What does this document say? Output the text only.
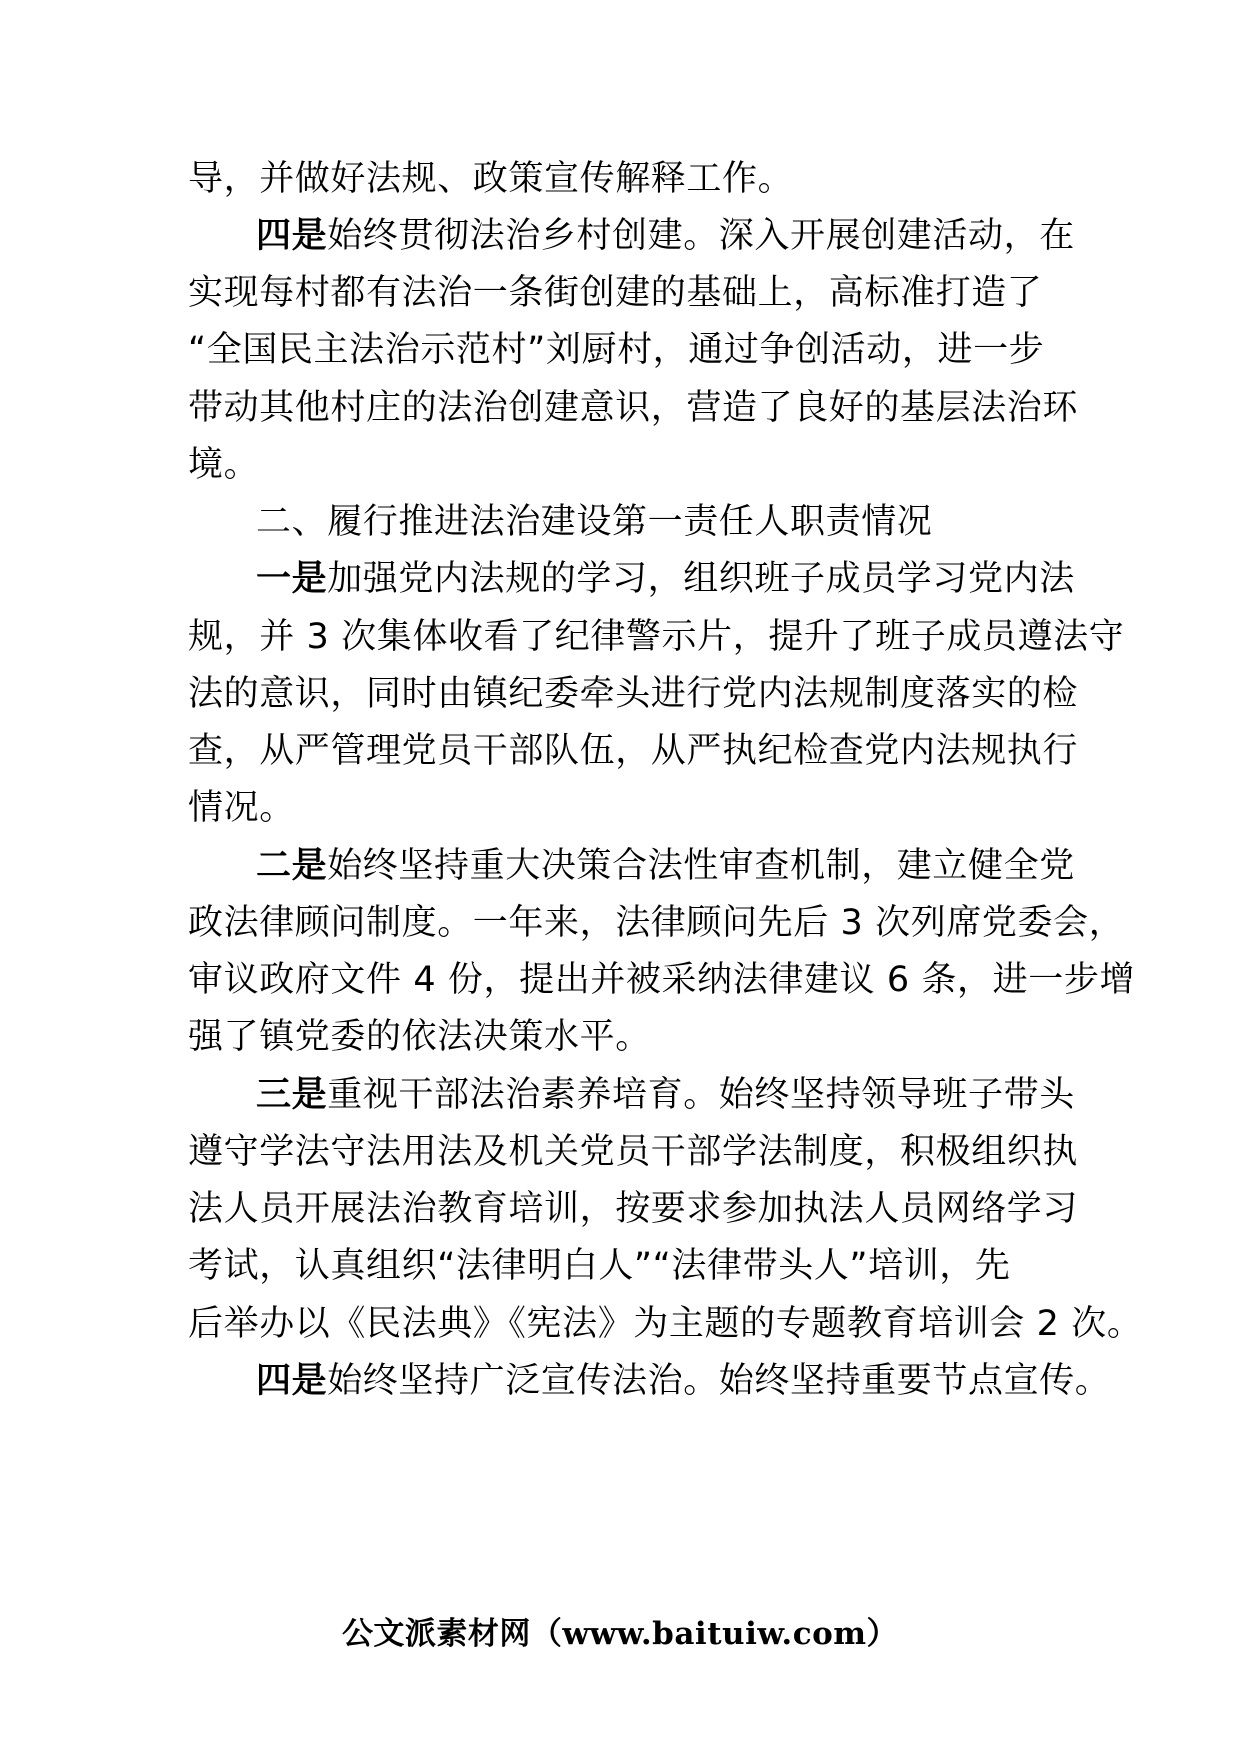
导，并做好法规、政策宣传解释工作。
四是始终贯彻法治乡村创建。深入开展创建活动，在
实现每村都有法治一条街创建的基础上，高标准打造了
“全国民主法治示范村”刘厨村，通过争创活动，进一步
带动其他村庄的法治创建意识，营造了良好的基层法治环
境。
二、履行推进法治建设第一责任人职责情况
一是加强党内法规的学习，组织班子成员学习党内法
规，并 3 次集体收看了纪律警示片，提升了班子成员遵法守
法的意识，同时由镇纪委牵头进行党内法规制度落实的检
查，从严管理党员干部队伍，从严执纪检查党内法规执行
情况。
二是始终坚持重大决策合法性审查机制，建立健全党
政法律顾问制度。一年来，法律顾问先后 3 次列席党委会，
审议政府文件 4 份，提出并被采纳法律建议 6 条，进一步增
强了镇党委的依法决策水平。
三是重视干部法治素养培育。始终坚持领导班子带头
遵守学法守法用法及机关党员干部学法制度，积极组织执
法人员开展法治教育培训，按要求参加执法人员网络学习
考试，认真组织“法律明白人”“法律带头人”培训，先
后举办以《民法典》《宪法》为主题的专题教育培训会 2 次。
四是始终坚持广泛宣传法治。始终坚持重要节点宣传。
公文派素材网（www.baituiw.com）
